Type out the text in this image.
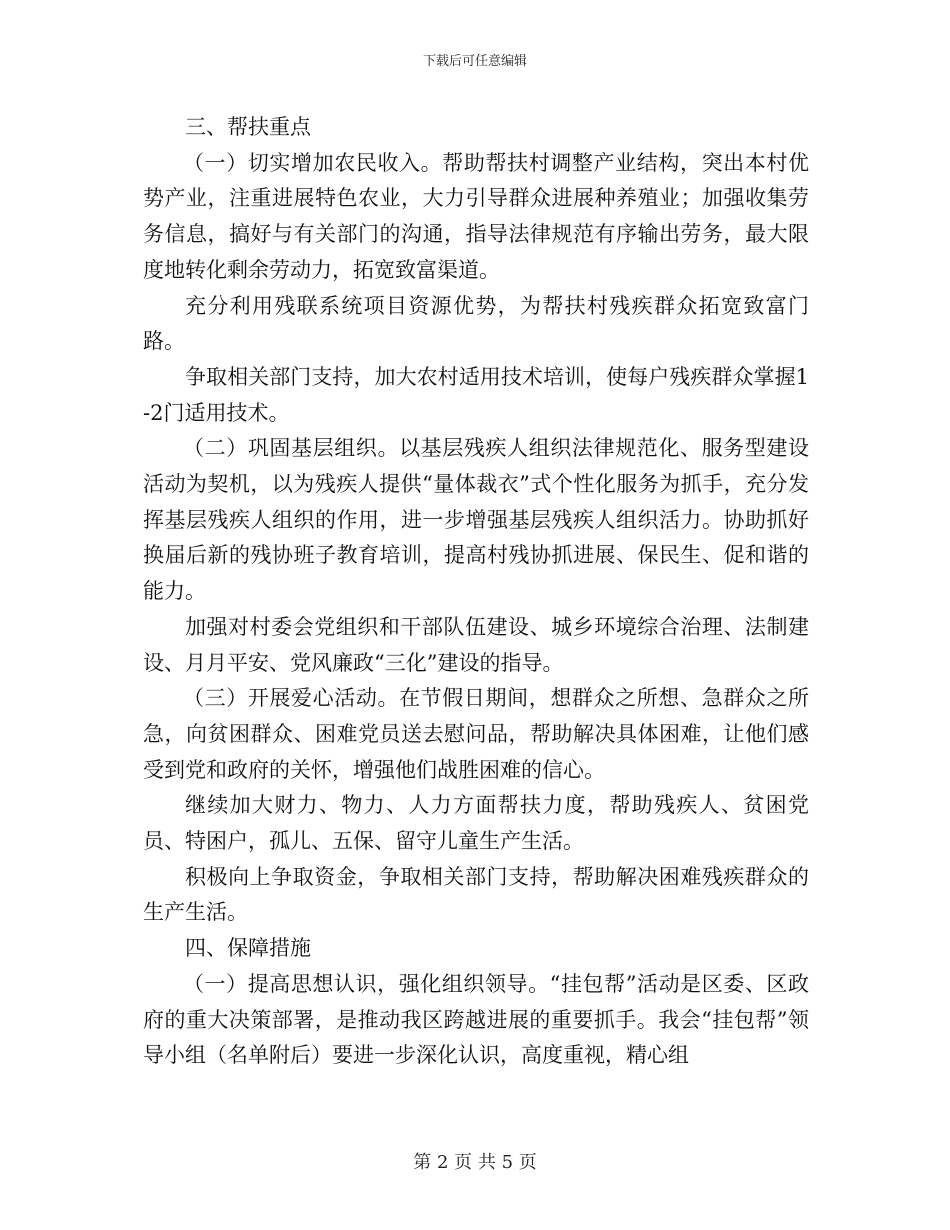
下载后可任意编辑

三、帮扶重点

（一）切实增加农民收入。帮助帮扶村调整产业结构，突出本村优势产业，注重进展特色农业，大力引导群众进展种养殖业；加强收集劳务信息，搞好与有关部门的沟通，指导法律规范有序输出劳务，最大限度地转化剩余劳动力，拓宽致富渠道。

充分利用残联系统项目资源优势，为帮扶村残疾群众拓宽致富门路。

争取相关部门支持，加大农村适用技术培训，使每户残疾群众掌握1-2门适用技术。

（二）巩固基层组织。以基层残疾人组织法律规范化、服务型建设活动为契机，以为残疾人提供“量体裁衣”式个性化服务为抓手，充分发挥基层残疾人组织的作用，进一步增强基层残疾人组织活力。协助抓好换届后新的残协班子教育培训，提高村残协抓进展、保民生、促和谐的能力。

加强对村委会党组织和干部队伍建设、城乡环境综合治理、法制建设、月月平安、党风廉政“三化”建设的指导。

（三）开展爱心活动。在节假日期间，想群众之所想、急群众之所急，向贫困群众、困难党员送去慰问品，帮助解决具体困难，让他们感受到党和政府的关怀，增强他们战胜困难的信心。

继续加大财力、物力、人力方面帮扶力度，帮助残疾人、贫困党员、特困户，孤儿、五保、留守儿童生产生活。

积极向上争取资金，争取相关部门支持，帮助解决困难残疾群众的生产生活。

四、保障措施

（一）提高思想认识，强化组织领导。“挂包帮”活动是区委、区政府的重大决策部署，是推动我区跨越进展的重要抓手。我会“挂包帮”领导小组（名单附后）要进一步深化认识，高度重视，精心组

第 2 页 共 5 页
